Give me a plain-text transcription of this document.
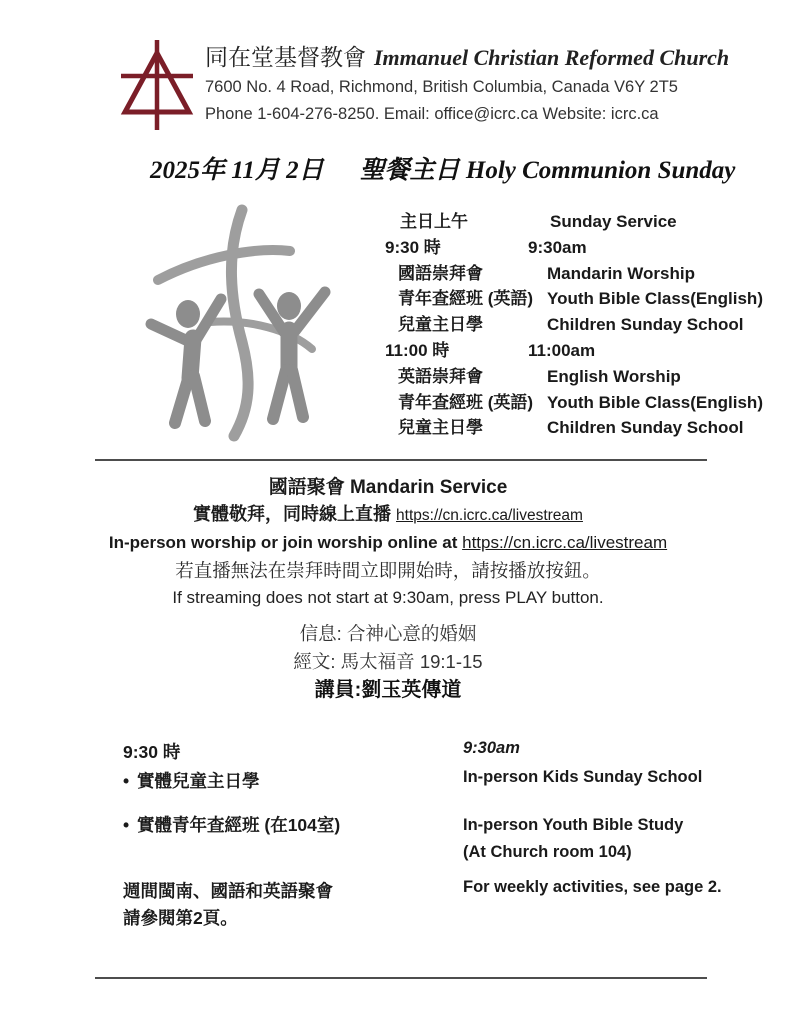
同在堂基督教會 Immanuel Christian Reformed Church
7600 No. 4 Road, Richmond, British Columbia, Canada V6Y 2T5
Phone 1-604-276-8250. Email: office@icrc.ca Website: icrc.ca
2025年 11月 2日 聖餐主日 Holy Communion Sunday
主日上午	Sunday Service
9:30 時	9:30am
國語崇拜會	Mandarin Worship
青年查經班 (英語) Youth Bible Class(English)
兒童主日學	Children Sunday School
11:00 時	11:00am
英語崇拜會	English Worship
青年查經班 (英語) Youth Bible Class(English)
兒童主日學	Children Sunday School
國語聚會 Mandarin Service
實體敬拜，同時線上直播 https://cn.icrc.ca/livestream
In-person worship or join worship online at https://cn.icrc.ca/livestream
若直播無法在崇拜時間立即開始時，請按播放按鈕。
If streaming does not start at 9:30am, press PLAY button.
信息: 合神心意的婚姻
經文: 馬太福音 19:1-15
講員:劉玉英傳道
9:30 時	9:30am
• 實體兒童主日學	In-person Kids Sunday School
• 實體青年查經班 (在104室)	In-person Youth Bible Study
(At Church room 104)
週間閩南、國語和英語聚會
請參閱第2頁。
For weekly activities, see page 2.
